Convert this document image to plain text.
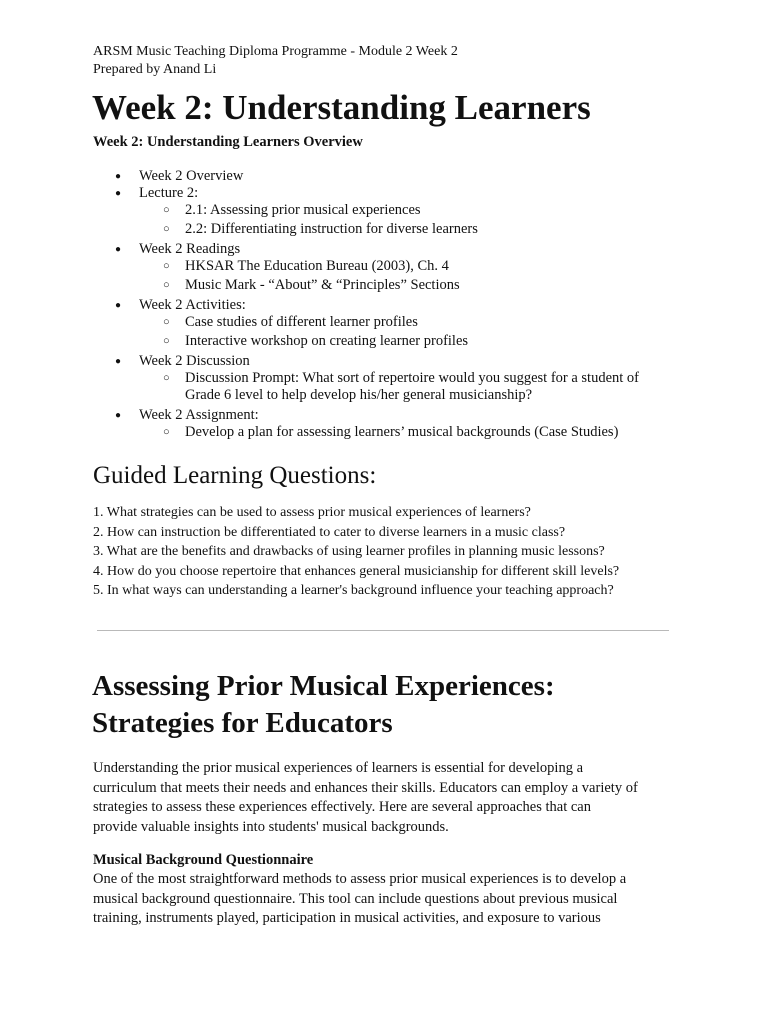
ARSM Music Teaching Diploma Programme - Module 2 Week 2
Prepared by Anand Li
Week 2: Understanding Learners
Week 2: Understanding Learners Overview
● Week 2 Overview
● Lecture 2:
○ 2.1: Assessing prior musical experiences
○ 2.2: Differentiating instruction for diverse learners
● Week 2 Readings
○ HKSAR The Education Bureau (2003), Ch. 4
○ Music Mark - “About” & “Principles” Sections
● Week 2 Activities:
○ Case studies of different learner profiles
○ Interactive workshop on creating learner profiles
● Week 2 Discussion
○ Discussion Prompt: What sort of repertoire would you suggest for a student of
Grade 6 level to help develop his/her general musicianship?
● Week 2 Assignment:
○ Develop a plan for assessing learners’ musical backgrounds (Case Studies)
Guided Learning Questions:
1. What strategies can be used to assess prior musical experiences of learners?
2. How can instruction be differentiated to cater to diverse learners in a music class?
3. What are the benefits and drawbacks of using learner profiles in planning music lessons?
4. How do you choose repertoire that enhances general musicianship for different skill levels?
5. In what ways can understanding a learner's background influence your teaching approach?
Assessing Prior Musical Experiences:
Strategies for Educators
Understanding the prior musical experiences of learners is essential for developing a
curriculum that meets their needs and enhances their skills. Educators can employ a variety of
strategies to assess these experiences effectively. Here are several approaches that can
provide valuable insights into students' musical backgrounds.
Musical Background Questionnaire
One of the most straightforward methods to assess prior musical experiences is to develop a
musical background questionnaire. This tool can include questions about previous musical
training, instruments played, participation in musical activities, and exposure to various
